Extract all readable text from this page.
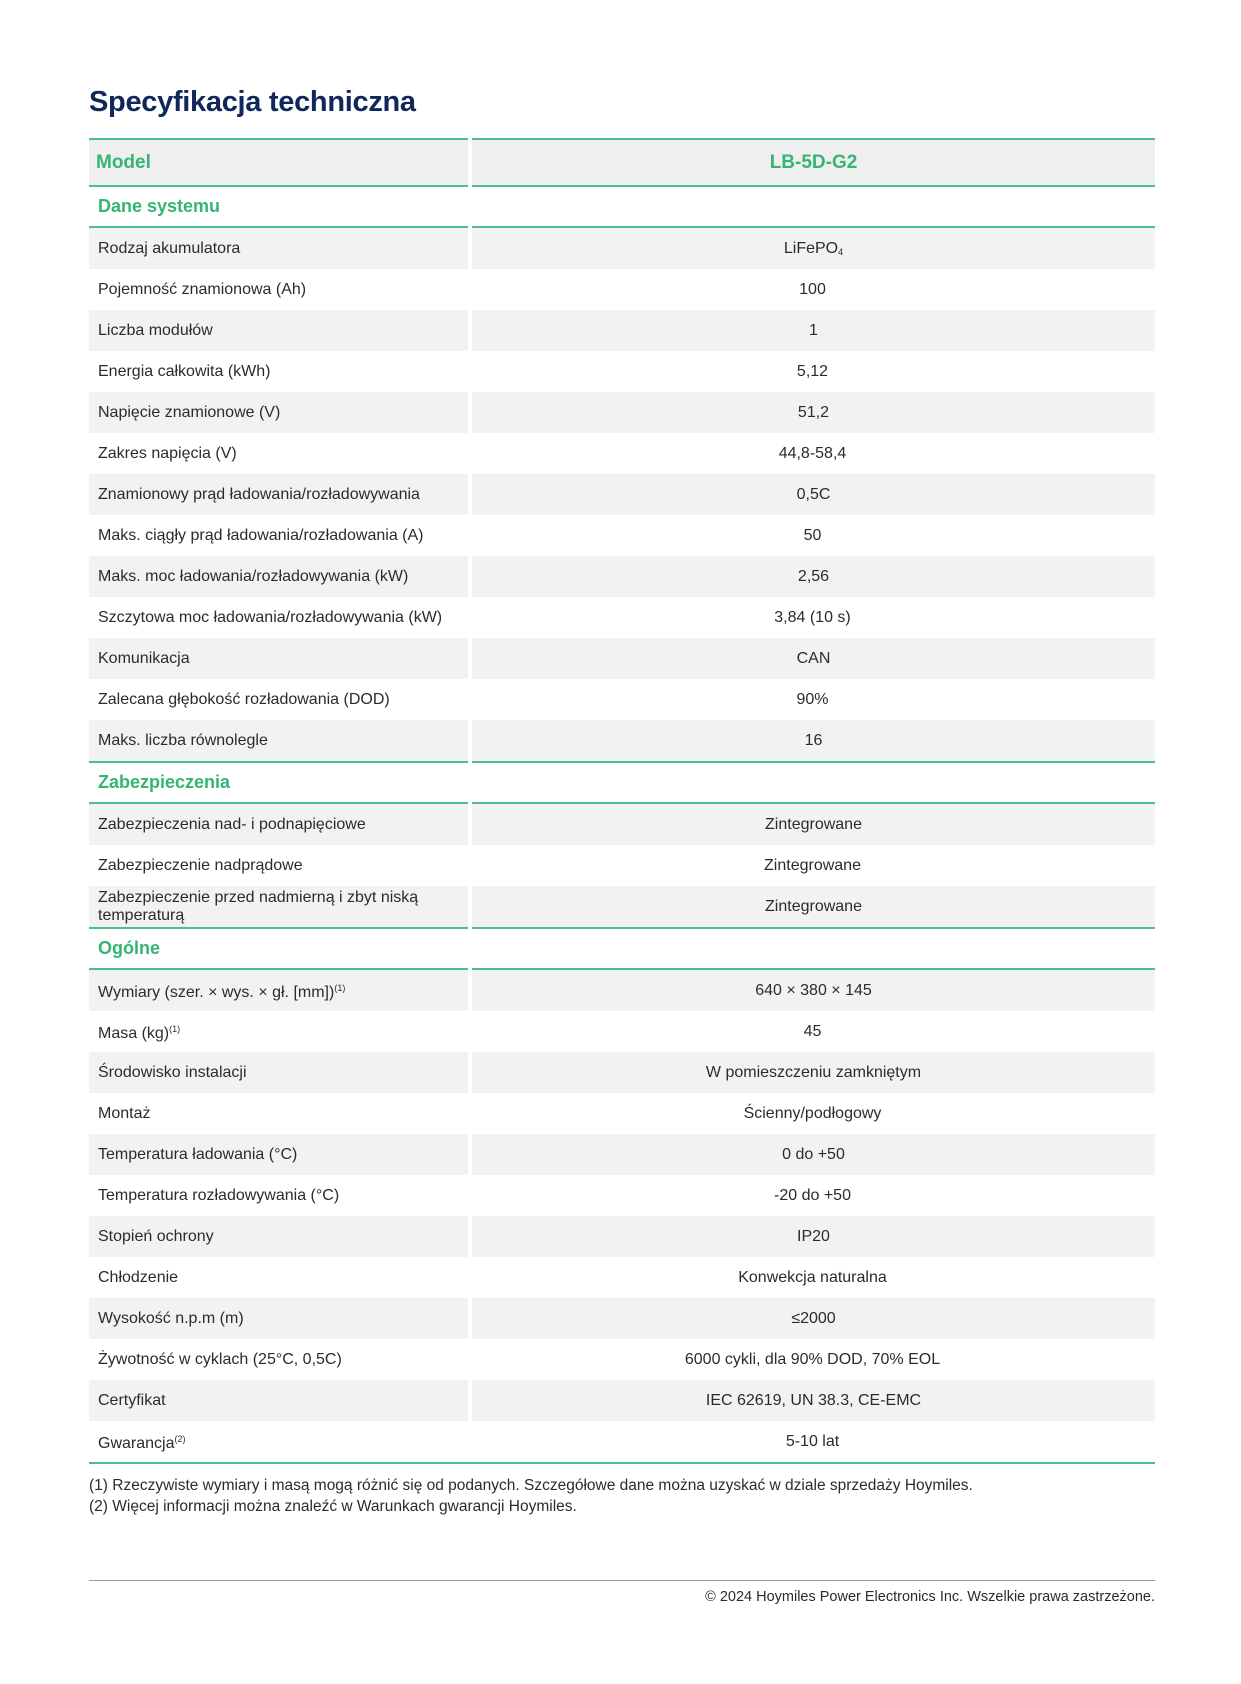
Specyfikacja techniczna
Model	LB-5D-G2
Dane systemu	
Rodzaj akumulatora	LiFePO$_4$
Pojemność znamionowa (Ah)	100
Liczba modułów	1
Energia całkowita (kWh)	5,12
Napięcie znamionowe (V)	51,2
Zakres napięcia (V)	44,8-58,4
Znamionowy prąd ładowania/rozładowywania	0,5C
Maks. ciągły prąd ładowania/rozładowania (A)	50
Maks. moc ładowania/rozładowywania (kW)	2,56
Szczytowa moc ładowania/rozładowywania (kW)	3,84 (10 s)
Komunikacja	CAN
Zalecana głębokość rozładowania (DOD)	90%
Maks. liczba równolegle	16
Zabezpieczenia	
Zabezpieczenia nad- i podnapięciowe	Zintegrowane
Zabezpieczenie nadprądowe	Zintegrowane
Zabezpieczenie przed nadmierną i zbyt niską temperaturą	Zintegrowane
Ogólne	
Wymiary (szer. × wys. × gł. [mm])$^{(1)}$	640 × 380 × 145
Masa (kg)$^{(1)}$	45
Środowisko instalacji	W pomieszczeniu zamkniętym
Montaż	Ścienny/podłogowy
Temperatura ładowania (°C)	0 do +50
Temperatura rozładowywania (°C)	-20 do +50
Stopień ochrony	IP20
Chłodzenie	Konwekcja naturalna
Wysokość n.p.m (m)	≤2000
Żywotność w cyklach (25°C, 0,5C)	6000 cykli, dla 90% DOD, 70% EOL
Certyfikat	IEC 62619, UN 38.3, CE-EMC
Gwarancja$^{(2)}$	5-10 lat
(1) Rzeczywiste wymiary i masą mogą różnić się od podanych. Szczegółowe dane można uzyskać w dziale sprzedaży Hoymiles.
(2) Więcej informacji można znaleźć w Warunkach gwarancji Hoymiles.
© 2024 Hoymiles Power Electronics Inc. Wszelkie prawa zastrzeżone.
